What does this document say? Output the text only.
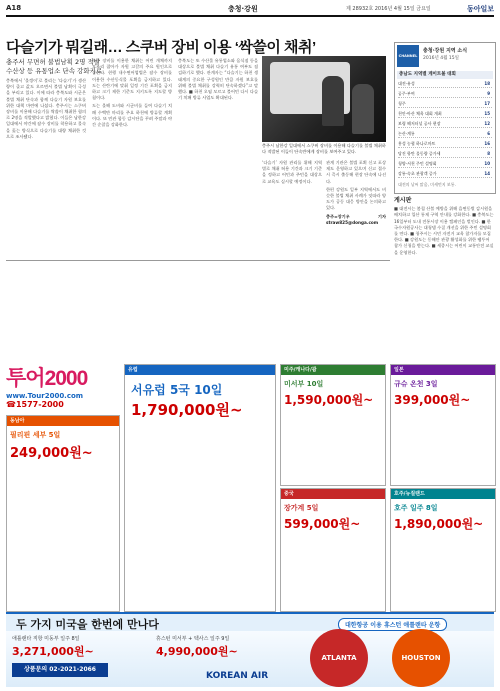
A18	충청·강원	제 28932호 2016년 4월 15일 금요일	동아일보
다슬기가 뭐길래… 스쿠버 장비 이용 ‘싹쓸이 채취’
충주서 무면허 불법남획 2명 적발
수산상 등 유통업소 단속 강화키로

충북에서 ‘올갱이’로 불리는 ‘다슬기’가 생산량이 줄고 값도 오르면서 불법 남획이 극성을 부리고 있다. 이에 따라 충북도와 시군은 불법 채취 단속과 함께 다슬기 자원 보호를 위한 대책 마련에 나섰다. 충주시는 스쿠버 장비를 이용해 다슬기를 싹쓸이 채취한 혐의로 2명을 적발했다고 밝혔다. 이들은 남한강 일대에서 야간에 잠수 장비를 착용하고 물속을 훑는 방식으로 다슬기를 대량 채취한 것으로 조사됐다.

수중 장비를 이용한 채취는 어린 개체까지 모조리 잡아가 자원 고갈의 주요 원인으로 꼽힌다. 현행 내수면어업법은 잠수 장비를 이용한 수산동식물 포획을 금지하고 있다. 도는 산란기에 맞춰 일정 기간 포획을 금지하고 크기 제한 기준도 지키도록 지도할 방침이다.

도는 올해 도비와 시군비를 들여 다슬기 치패 수백만 마리를 주요 하천에 방류할 계획이다. 또 민관 합동 감시단을 꾸려 주말과 야간 순찰을 강화한다.

충북도는 또 수산물 유통업소와 음식점 등을 대상으로 불법 채취 다슬기 유통 여부도 점검하기로 했다. 관계자는 “다슬기는 하천 생태계의 중요한 구성원인 만큼 자원 보호를 위해 불법 채취를 강력히 단속하겠다”고 말했다. ■ 하천 오염 모르고 불어민 다시 다슬기 치패 방류 사업도 확대된다.

충주시 남한강 일대에서 스쿠버 장비를 이용해 다슬기를 불법 채취하다 적발된 이들이 단속반에게 장비를 보여주고 있다.

‘다슬기’ 자원 관리를 위해 지역별로 채취 허용 기간과 크기 기준을 정하고 어민과 주민을 대상으로 교육도 실시할 예정이다.

관계 기관은 불법 포획 신고 포상제도 운영하고 있으며 신고 접수 시 즉시 출동해 현장 단속에 나선다.

한편 강원도 일부 지역에서도 비슷한 불법 채취 사례가 잇따라 양 도가 공동 대응 방안을 논의하고 있다.

충주=장기우 기자 straw825@donga.com

CHANNEL
충청·강원 지역 소식
2016년 4월 15일
충남도 지역별 게이트볼 대회
대전·유성	18
공주·부여	9
청주	17
천안·아산 체육 대회 개최	15
보령 해저터널 공사 현장	12
논산·계룡	6
홍성 농협 하나로마트	16
당진 항만 물동량 증가세	8
청양·서천 주민 설명회	10
강릉·속초 관광객 증가	14
대전의 날씨 맑음, 미세먼지 보통.
게시판
■ 대전시는 봄철 산불 예방을 위해 읍면동별 감시원을 배치하고 입산 통제 구역 안내를 강화한다. ■ 충북도는 16일부터 도내 전통시장 이용 캠페인을 벌인다. ■ 한국수자원공사는 대청댐 수질 개선을 위한 주민 설명회를 연다. ■ 청주시는 시민 자전거 교육 참가자를 모집한다. ■ 강원도는 동해안 관광 활성화를 위한 팸투어 참가 신청을 받는다. ■ 세종시는 어린이 교통안전 교실을 운영한다.
투어2000
www.Tour2000.com
☎1577-2000
동남아
필리핀 세부 5일
249,000원~
유럽
서유럽 5국 10일
1,790,000원~
미주/캐나다/괌
미서부 10일
1,590,000원~
일본
규슈 온천 3일
399,000원~
중국
장가계 5일
599,000원~
호주/뉴질랜드
호주 일주 8일
1,890,000원~
두 가지 미국을 한번에 만나다	대한항공 이용 휴스턴 애틀랜타 운항
애틀랜타 직항 미동부 일주 8일
3,271,000원~
휴스턴 미서부 + 텍사스 일주 9일
4,990,000원~
상품문의 02-2021-2066
ATLANTA	HOUSTON
KOREAN AIR
